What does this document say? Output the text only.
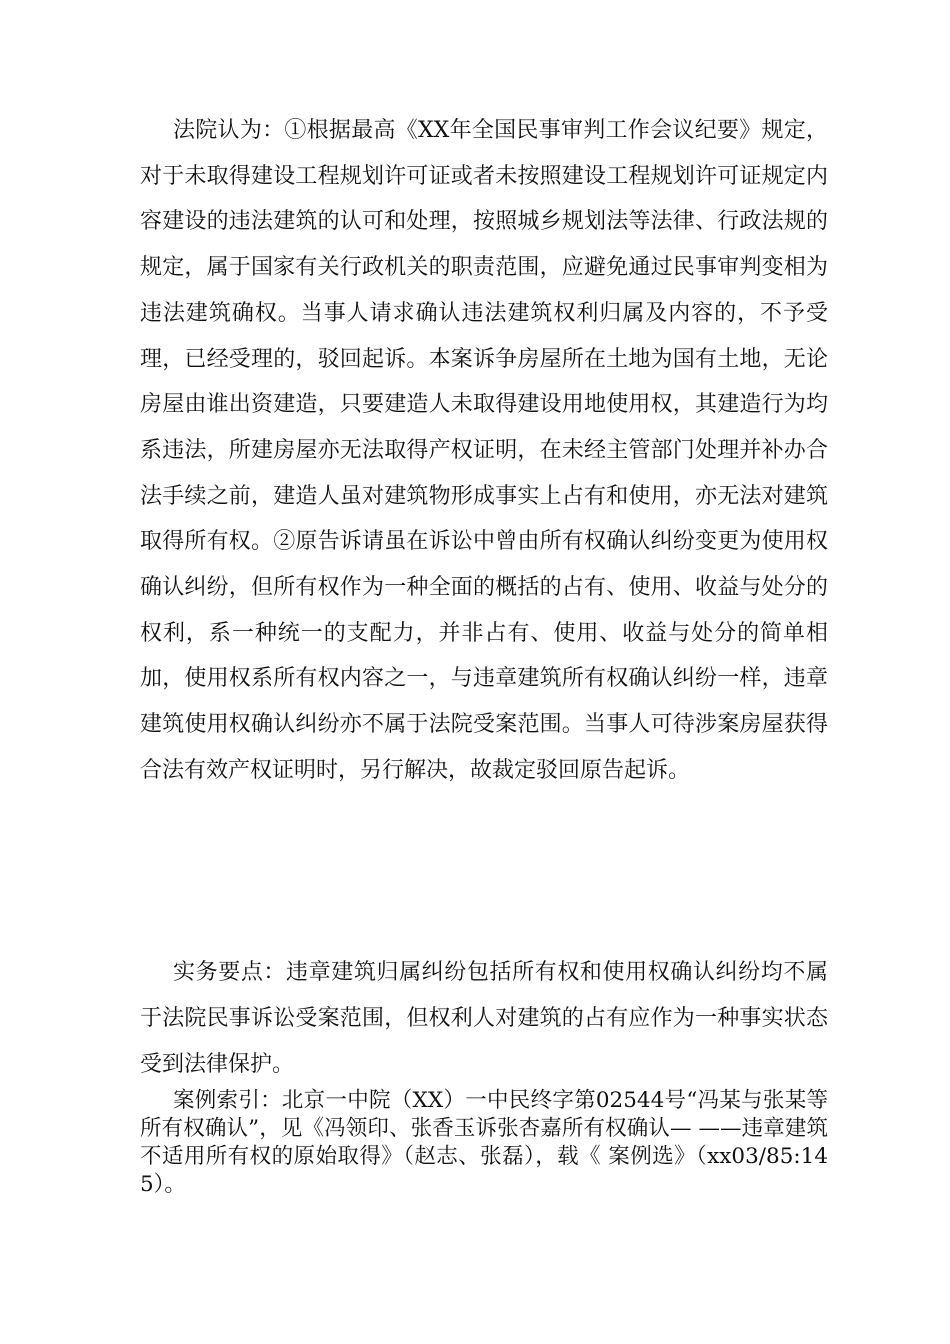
法院认为：①根据最高《XX年全国民事审判工作会议纪要》规定，对于未取得建设工程规划许可证或者未按照建设工程规划许可证规定内容建设的违法建筑的认可和处理，按照城乡规划法等法律、行政法规的规定，属于国家有关行政机关的职责范围，应避免通过民事审判变相为违法建筑确权。当事人请求确认违法建筑权利归属及内容的，不予受理，已经受理的，驳回起诉。本案诉争房屋所在土地为国有土地，无论房屋由谁出资建造，只要建造人未取得建设用地使用权，其建造行为均系违法，所建房屋亦无法取得产权证明，在未经主管部门处理并补办合法手续之前，建造人虽对建筑物形成事实上占有和使用，亦无法对建筑取得所有权。②原告诉请虽在诉讼中曾由所有权确认纠纷变更为使用权确认纠纷，但所有权作为一种全面的概括的占有、使用、收益与处分的权利，系一种统一的支配力，并非占有、使用、收益与处分的简单相加，使用权系所有权内容之一，与违章建筑所有权确认纠纷一样，违章建筑使用权确认纠纷亦不属于法院受案范围。当事人可待涉案房屋获得合法有效产权证明时，另行解决，故裁定驳回原告起诉。

实务要点：违章建筑归属纠纷包括所有权和使用权确认纠纷均不属于法院民事诉讼受案范围，但权利人对建筑的占有应作为一种事实状态受到法律保护。

案例索引：北京一中院（XX）一中民终字第02544号“冯某与张某等所有权确认”，见《冯领印、张香玉诉张杏嘉所有权确认— ——违章建筑不适用所有权的原始取得》（赵志、张磊），载《 案例选》（xx03/85:145）。
